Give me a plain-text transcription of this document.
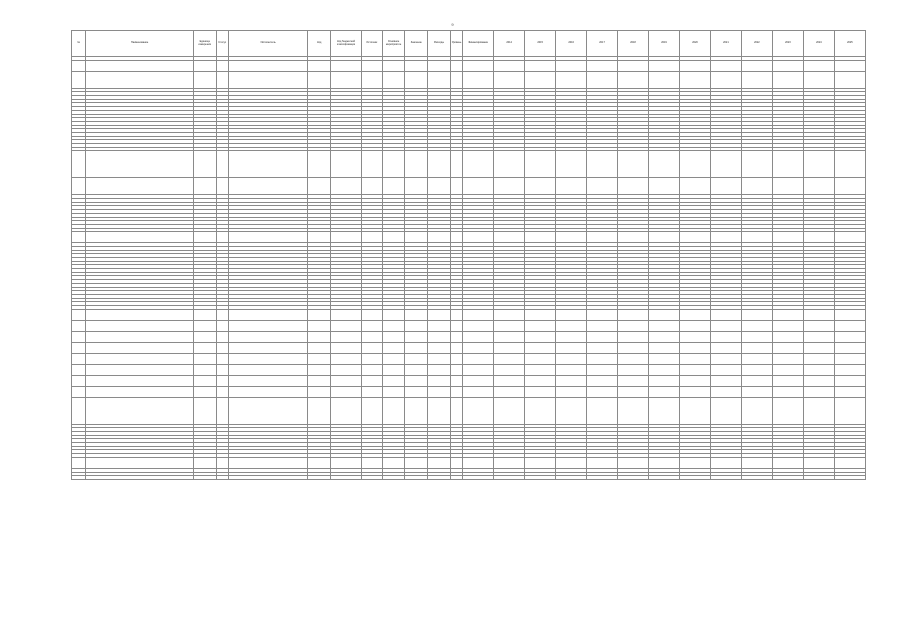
9
№	Наименование	Единица измерения	Статус	Исполнитель	Код	Код бюджетной классификации	Источник	Основное мероприятие	Значение	Расходы	Уровень	Финансирование	2014	2015	2016	2017	2018	2019	2020	2021	2022	2023	2024	2025
